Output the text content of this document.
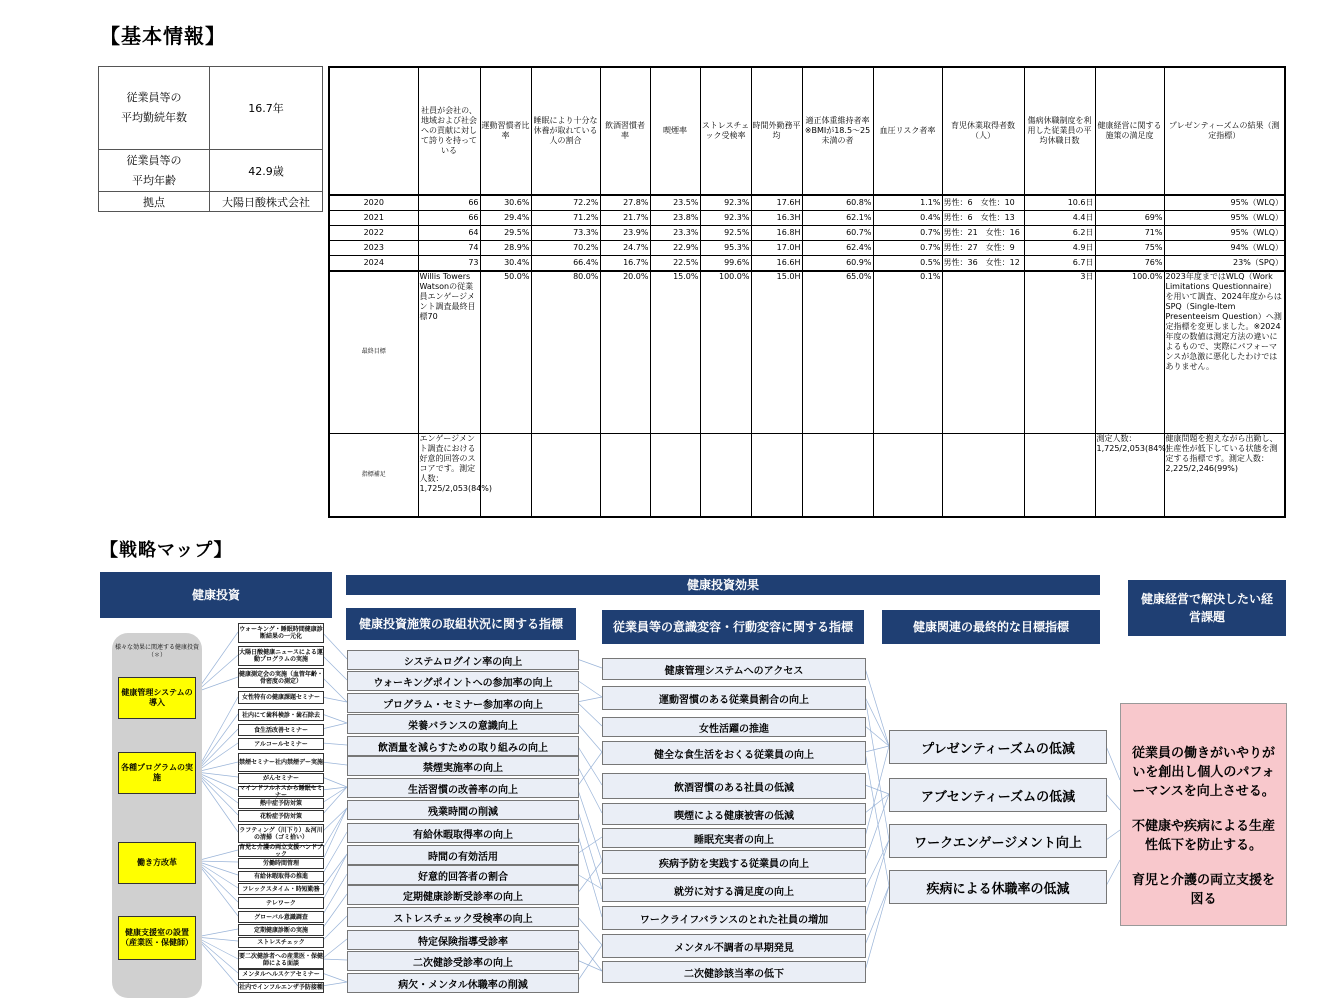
【基本情報】
従業員等の
平均勤続年数	16.7年
従業員等の
平均年齢	42.9歳
拠点	大陽日酸株式会社
	社員が会社の、地域および社会への貢献に対して誇りを持っている	運動習慣者比率	睡眠により十分な休養が取れている人の割合	飲酒習慣者率	喫煙率	ストレスチェック受検率	時間外勤務平均	適正体重維持者率※BMIが18.5～25未満の者	血圧リスク者率	育児休業取得者数（人）	傷病休職制度を利用した従業員の平均休職日数	健康経営に関する施策の満足度	プレゼンティーズムの結果（測定指標）
2020	66	30.6%	72.2%	27.8%	23.5%	92.3%	17.6H	60.8%	1.1%	男性：6　女性：10	10.6日		95%（WLQ）
2021	66	29.4%	71.2%	21.7%	23.8%	92.3%	16.3H	62.1%	0.4%	男性：6　女性：13	4.4日	69%	95%（WLQ）
2022	64	29.5%	73.3%	23.9%	23.3%	92.5%	16.8H	60.7%	0.7%	男性：21　女性：16	6.2日	71%	95%（WLQ）
2023	74	28.9%	70.2%	24.7%	22.9%	95.3%	17.0H	62.4%	0.7%	男性：27　女性：9	4.9日	75%	94%（WLQ）
2024	73	30.4%	66.4%	16.7%	22.5%	99.6%	16.6H	60.9%	0.5%	男性：36　女性：12	6.7日	76%	23%（SPQ）
最終目標	Willis Towers Watsonの従業員エンゲージメント調査最終目標70	50.0%	80.0%	20.0%	15.0%	100.0%	15.0H	65.0%	0.1%		3日	100.0%	2023年度まではWLQ（Work Limitations Questionnaire）を用いて調査、2024年度からはSPQ（Single-Item Presenteeism Question）へ測定指標を変更しました。※2024年度の数値は測定方法の違いによるもので、実際にパフォーマンスが急激に悪化したわけではありません。
指標補足	エンゲージメント調査における好意的回答のスコアです。測定人数：1,725/2,053(84%)											測定人数：1,725/2,053(84%)	健康問題を抱えながら出勤し、生産性が低下している状態を測定する指標です。測定人数：2,225/2,246(99%)
【戦略マップ】
健康投資
健康投資効果
健康投資施策の取組状況に関する指標	従業員等の意識変容・行動変容に関する指標	健康関連の最終的な目標指標
健康経営で解決したい経営課題
様々な効果に関連する健康投資（＊）
健康管理システムの導入
各種プログラムの実施
働き方改革
健康支援室の設置（産業医・保健師）
ウォーキング・睡眠時間健康診断結果の一元化
大陽日酸健康ニュースによる運動プログラムの実施
健康測定会の実施（血管年齢・骨密度の測定）
女性特有の健康課題セミナー
社内にて歯科検診・歯石除去
食生活改善セミナー
アルコールセミナー
禁煙セミナー社内禁煙デー実施
がんセミナー
マインドフルネスから睡眠セミナー
熱中症予防対策
花粉症予防対策
ラフティング（川下り）＆河川の清掃（ゴミ拾い）
育児と介護の両立支援ハンドブック
労働時間管理
有給休暇取得の推進
フレックスタイム・時短勤務
テレワーク
グローバル意識調査
定期健康診断の実施
ストレスチェック
要二次健診者への産業医・保健師による面談
メンタルヘルスケアセミナー
社内でインフルエンザ予防接種
システムログイン率の向上
ウォーキングポイントへの参加率の向上
プログラム・セミナー参加率の向上
栄養バランスの意識向上
飲酒量を減らすための取り組みの向上
禁煙実施率の向上
生活習慣の改善率の向上
残業時間の削減
有給休暇取得率の向上
時間の有効活用
好意的回答者の割合
定期健康診断受診率の向上
ストレスチェック受検率の向上
特定保険指導受診率
二次健診受診率の向上
病欠・メンタル休職率の削減
健康管理システムへのアクセス
運動習慣のある従業員割合の向上
女性活躍の推進
健全な食生活をおくる従業員の向上
飲酒習慣のある社員の低減
喫煙による健康被害の低減
睡眠充実者の向上
疾病予防を実践する従業員の向上
就労に対する満足度の向上
ワークライフバランスのとれた社員の増加
メンタル不調者の早期発見
二次健診該当率の低下
プレゼンティーズムの低減
アブセンティーズムの低減
ワークエンゲージメント向上
疾病による休職率の低減
従業員の働きがいやりがいを創出し個人のパフォーマンスを向上させる。
不健康や疾病による生産性低下を防止する。
育児と介護の両立支援を図る
